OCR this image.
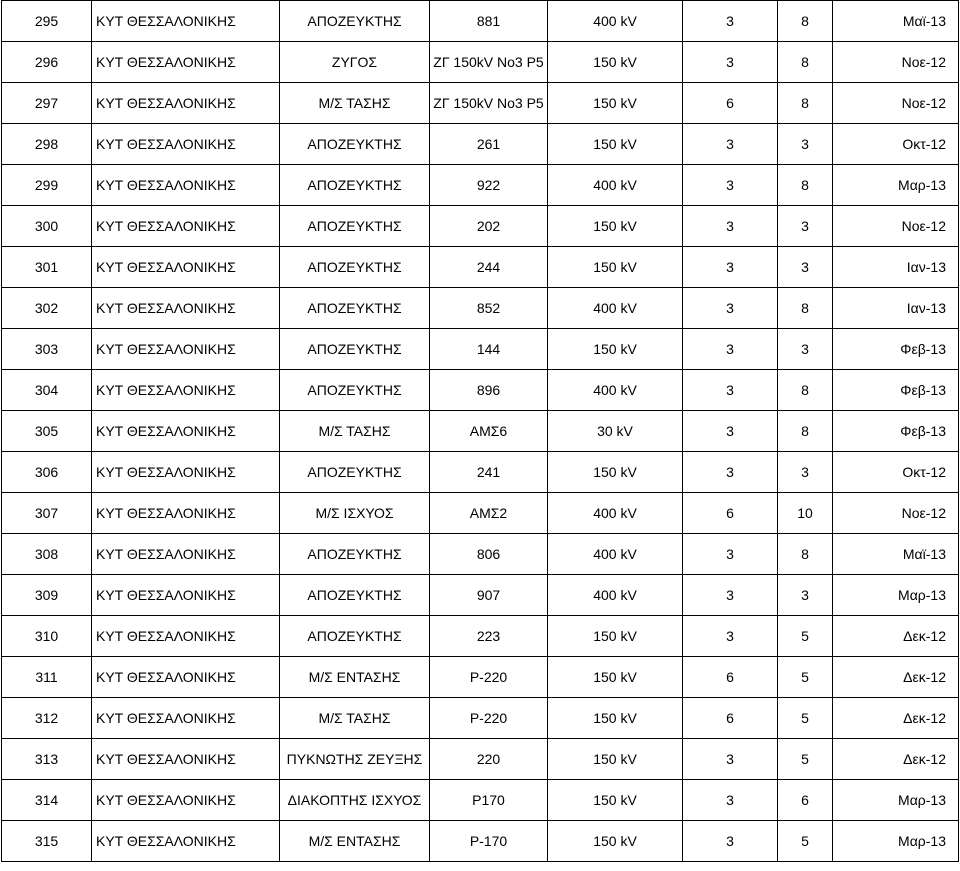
295	ΚΥΤ ΘΕΣΣΑΛΟΝΙΚΗΣ	ΑΠΟΖΕΥΚΤΗΣ	881	400 kV	3	8	Μαϊ-13
296	ΚΥΤ ΘΕΣΣΑΛΟΝΙΚΗΣ	ΖΥΓΟΣ	ΖΓ 150kV Νο3 Ρ5	150 kV	3	8	Νοε-12
297	ΚΥΤ ΘΕΣΣΑΛΟΝΙΚΗΣ	Μ/Σ ΤΑΣΗΣ	ΖΓ 150kV Νο3 Ρ5	150 kV	6	8	Νοε-12
298	ΚΥΤ ΘΕΣΣΑΛΟΝΙΚΗΣ	ΑΠΟΖΕΥΚΤΗΣ	261	150 kV	3	3	Οκτ-12
299	ΚΥΤ ΘΕΣΣΑΛΟΝΙΚΗΣ	ΑΠΟΖΕΥΚΤΗΣ	922	400 kV	3	8	Μαρ-13
300	ΚΥΤ ΘΕΣΣΑΛΟΝΙΚΗΣ	ΑΠΟΖΕΥΚΤΗΣ	202	150 kV	3	3	Νοε-12
301	ΚΥΤ ΘΕΣΣΑΛΟΝΙΚΗΣ	ΑΠΟΖΕΥΚΤΗΣ	244	150 kV	3	3	Ιαν-13
302	ΚΥΤ ΘΕΣΣΑΛΟΝΙΚΗΣ	ΑΠΟΖΕΥΚΤΗΣ	852	400 kV	3	8	Ιαν-13
303	ΚΥΤ ΘΕΣΣΑΛΟΝΙΚΗΣ	ΑΠΟΖΕΥΚΤΗΣ	144	150 kV	3	3	Φεβ-13
304	ΚΥΤ ΘΕΣΣΑΛΟΝΙΚΗΣ	ΑΠΟΖΕΥΚΤΗΣ	896	400 kV	3	8	Φεβ-13
305	ΚΥΤ ΘΕΣΣΑΛΟΝΙΚΗΣ	Μ/Σ ΤΑΣΗΣ	ΑΜΣ6	30 kV	3	8	Φεβ-13
306	ΚΥΤ ΘΕΣΣΑΛΟΝΙΚΗΣ	ΑΠΟΖΕΥΚΤΗΣ	241	150 kV	3	3	Οκτ-12
307	ΚΥΤ ΘΕΣΣΑΛΟΝΙΚΗΣ	Μ/Σ ΙΣΧΥΟΣ	ΑΜΣ2	400 kV	6	10	Νοε-12
308	ΚΥΤ ΘΕΣΣΑΛΟΝΙΚΗΣ	ΑΠΟΖΕΥΚΤΗΣ	806	400 kV	3	8	Μαϊ-13
309	ΚΥΤ ΘΕΣΣΑΛΟΝΙΚΗΣ	ΑΠΟΖΕΥΚΤΗΣ	907	400 kV	3	3	Μαρ-13
310	ΚΥΤ ΘΕΣΣΑΛΟΝΙΚΗΣ	ΑΠΟΖΕΥΚΤΗΣ	223	150 kV	3	5	Δεκ-12
311	ΚΥΤ ΘΕΣΣΑΛΟΝΙΚΗΣ	Μ/Σ ΕΝΤΑΣΗΣ	Ρ-220	150 kV	6	5	Δεκ-12
312	ΚΥΤ ΘΕΣΣΑΛΟΝΙΚΗΣ	Μ/Σ ΤΑΣΗΣ	Ρ-220	150 kV	6	5	Δεκ-12
313	ΚΥΤ ΘΕΣΣΑΛΟΝΙΚΗΣ	ΠΥΚΝΩΤΗΣ ΖΕΥΞΗΣ	220	150 kV	3	5	Δεκ-12
314	ΚΥΤ ΘΕΣΣΑΛΟΝΙΚΗΣ	ΔΙΑΚΟΠΤΗΣ ΙΣΧΥΟΣ	Ρ170	150 kV	3	6	Μαρ-13
315	ΚΥΤ ΘΕΣΣΑΛΟΝΙΚΗΣ	Μ/Σ ΕΝΤΑΣΗΣ	Ρ-170	150 kV	3	5	Μαρ-13
